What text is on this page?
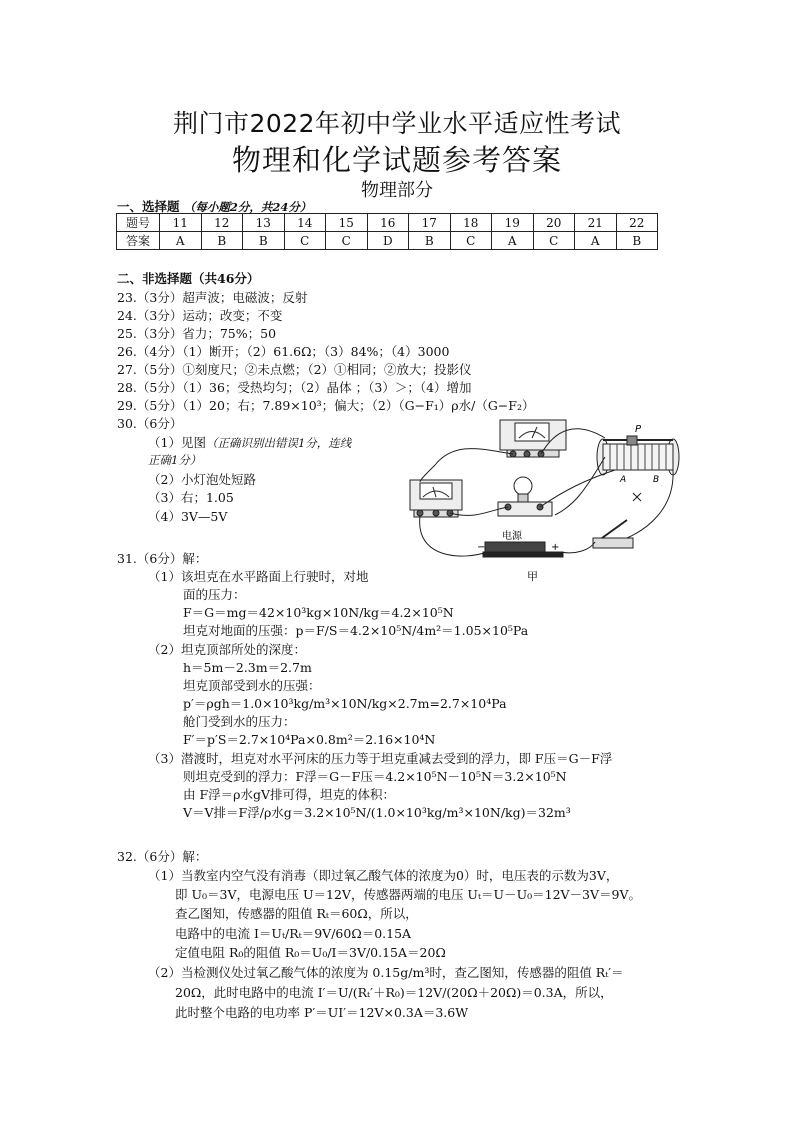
荆门市2022年初中学业水平适应性考试
物理和化学试题参考答案
物理部分
一、选择题 （每小题2分，共24分）
题号	11	12	13	14	15	16	17	18	19	20	21	22
答案	A	B	B	C	C	D	B	C	A	C	A	B
二、非选择题（共46分）
23.（3分）超声波；电磁波；反射
24.（3分）运动；改变；不变
25.（3分）省力；75%；50
26.（4分）（1）断开；（2）61.6Ω；（3）84%；（4）3000
27.（5分）①刻度尺；②未点燃；（2）①相同；②放大；投影仪
28.（5分）（1）36；受热均匀；（2）晶体 ；（3）＞；（4）增加
29.（5分）（1）20；右；7.89×10³；偏大；（2）（G−F₁）ρ水/（G−F₂）
30.（6分）
（1）见图（正确识别出错误1分，连线
正确1分）
（2）小灯泡处短路
（3）右；1.05
（4）3V—5V
P
A	B
电源
−	+
甲
31.（6分）解：
（1）该坦克在水平路面上行驶时，对地
面的压力：
F＝G＝mg＝42×10³kg×10N/kg＝4.2×10⁵N
坦克对地面的压强：p＝F/S＝4.2×10⁵N/4m²＝1.05×10⁵Pa
（2）坦克顶部所处的深度：
h＝5m－2.3m＝2.7m
坦克顶部受到水的压强：
p′＝ρgh＝1.0×10³kg/m³×10N/kg×2.7m=2.7×10⁴Pa
舱门受到水的压力：
F′＝p′S＝2.7×10⁴Pa×0.8m²＝2.16×10⁴N
（3）潜渡时，坦克对水平河床的压力等于坦克重减去受到的浮力，即 F压＝G－F浮
则坦克受到的浮力：F浮＝G－F压＝4.2×10⁵N－10⁵N＝3.2×10⁵N
由 F浮＝ρ水gV排可得，坦克的体积：
V＝V排＝F浮/ρ水g＝3.2×10⁵N/(1.0×10³kg/m³×10N/kg)＝32m³
32.（6分）解：
（1）当教室内空气没有消毒（即过氧乙酸气体的浓度为0）时，电压表的示数为3V，
即 U₀＝3V，电源电压 U＝12V，传感器两端的电压 Uₜ＝U－U₀＝12V－3V＝9V。
查乙图知，传感器的阻值 Rₜ＝60Ω，所以，
电路中的电流 I＝Uₜ/Rₜ＝9V/60Ω＝0.15A
定值电阻 R₀的阻值 R₀＝U₀/I＝3V/0.15A＝20Ω
（2）当检测仪处过氧乙酸气体的浓度为 0.15g/m³时，查乙图知，传感器的阻值 Rₜ′＝
20Ω，此时电路中的电流 I′＝U/(Rₜ′＋R₀)＝12V/(20Ω＋20Ω)＝0.3A，所以，
此时整个电路的电功率 P′＝UI′＝12V×0.3A＝3.6W
